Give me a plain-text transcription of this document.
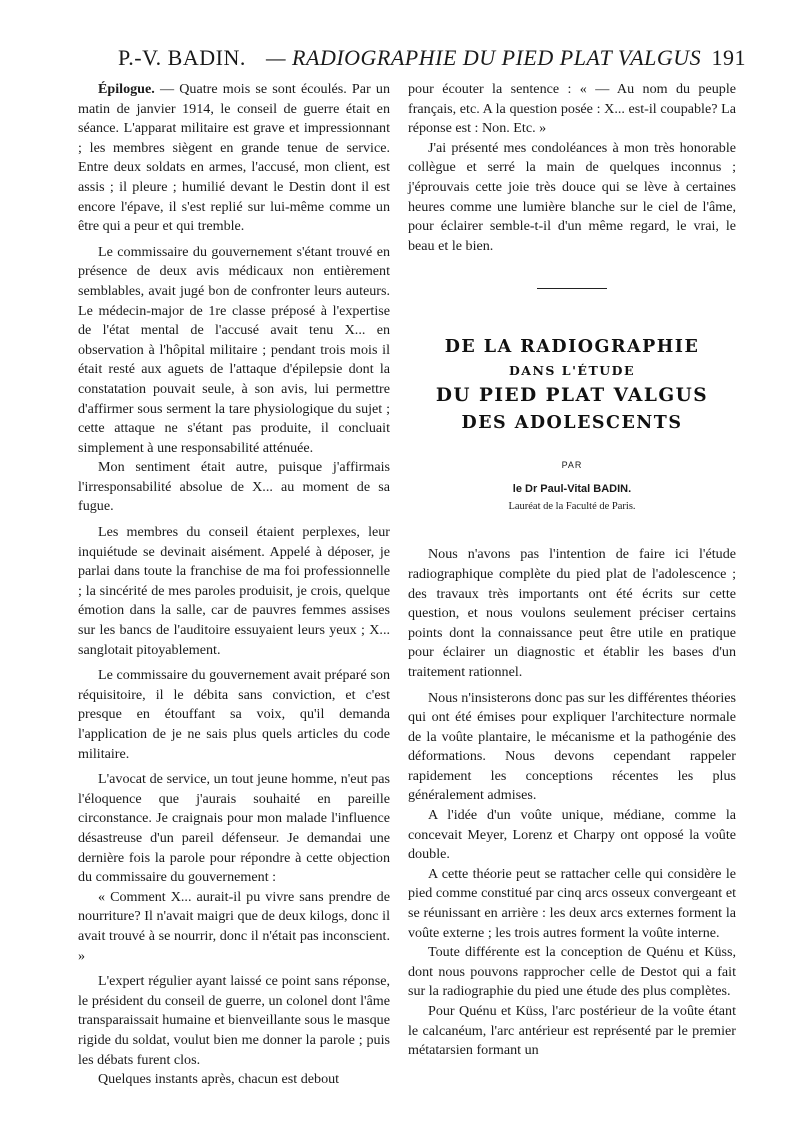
P.-V. BADIN. — RADIOGRAPHIE DU PIED PLAT VALGUS 191

Épilogue. — Quatre mois se sont écoulés. Par un matin de janvier 1914, le conseil de guerre était en séance. L'apparat militaire est grave et impressionnant ; les membres siègent en grande tenue de service. Entre deux soldats en armes, l'accusé, mon client, est assis ; il pleure ; humilié devant le Destin dont il est encore l'épave, il s'est replié sur lui-même comme un être qui a peur et qui tremble.

Le commissaire du gouvernement s'étant trouvé en présence de deux avis médicaux non entièrement semblables, avait jugé bon de confronter leurs auteurs. Le médecin-major de 1re classe préposé à l'expertise de l'état mental de l'accusé avait tenu X... en observation à l'hôpital militaire ; pendant trois mois il était resté aux aguets de l'attaque d'épilepsie dont la constatation pouvait seule, à son avis, lui permettre d'affirmer sous serment la tare physiologique du sujet ; cette attaque ne s'étant pas produite, il concluait simplement à une responsabilité atténuée.

Mon sentiment était autre, puisque j'affirmais l'irresponsabilité absolue de X... au moment de sa fugue.

Les membres du conseil étaient perplexes, leur inquiétude se devinait aisément. Appelé à déposer, je parlai dans toute la franchise de ma foi professionnelle ; la sincérité de mes paroles produisit, je crois, quelque émotion dans la salle, car de pauvres femmes assises sur les bancs de l'auditoire essuyaient leurs yeux ; X... sanglotait pitoyablement.

Le commissaire du gouvernement avait préparé son réquisitoire, il le débita sans conviction, et c'est presque en étouffant sa voix, qu'il demanda l'application de je ne sais plus quels articles du code militaire.

L'avocat de service, un tout jeune homme, n'eut pas l'éloquence que j'aurais souhaité en pareille circonstance. Je craignais pour mon malade l'influence désastreuse d'un pareil défenseur. Je demandai une dernière fois la parole pour répondre à cette objection du commissaire du gouvernement :

« Comment X... aurait-il pu vivre sans prendre de nourriture? Il n'avait maigri que de deux kilogs, donc il avait trouvé à se nourrir, donc il n'était pas inconscient. »

L'expert régulier ayant laissé ce point sans réponse, le président du conseil de guerre, un colonel dont l'âme transparaissait humaine et bienveillante sous le masque rigide du soldat, voulut bien me donner la parole ; puis les débats furent clos.

Quelques instants après, chacun est debout

pour écouter la sentence : « — Au nom du peuple français, etc. A la question posée : X... est-il coupable? La réponse est : Non. Etc. »

J'ai présenté mes condoléances à mon très honorable collègue et serré la main de quelques inconnus ; j'éprouvais cette joie très douce qui se lève à certaines heures comme une lumière blanche sur le ciel de l'âme, pour éclairer semble-t-il d'un même regard, le vrai, le beau et le bien.

DE LA RADIOGRAPHIE
DANS L'ÉTUDE
DU PIED PLAT VALGUS
DES ADOLESCENTS
PAR
le Dr Paul-Vital BADIN.
Lauréat de la Faculté de Paris.

Nous n'avons pas l'intention de faire ici l'étude radiographique complète du pied plat de l'adolescence ; des travaux très importants ont été écrits sur cette question, et nous voulons seulement préciser certains points dont la connaissance peut être utile en pratique pour éclairer un diagnostic et établir les bases d'un traitement rationnel.

Nous n'insisterons donc pas sur les différentes théories qui ont été émises pour expliquer l'architecture normale de la voûte plantaire, le mécanisme et la pathogénie des déformations. Nous devons cependant rappeler rapidement les conceptions récentes les plus généralement admises.

A l'idée d'un voûte unique, médiane, comme la concevait Meyer, Lorenz et Charpy ont opposé la voûte double.

A cette théorie peut se rattacher celle qui considère le pied comme constitué par cinq arcs osseux convergeant et se réunissant en arrière : les deux arcs externes forment la voûte externe ; les trois autres forment la voûte interne.

Toute différente est la conception de Quénu et Küss, dont nous pouvons rapprocher celle de Destot qui a fait sur la radiographie du pied une étude des plus complètes.

Pour Quénu et Küss, l'arc postérieur de la voûte étant le calcanéum, l'arc antérieur est représenté par le premier métatarsien formant un
